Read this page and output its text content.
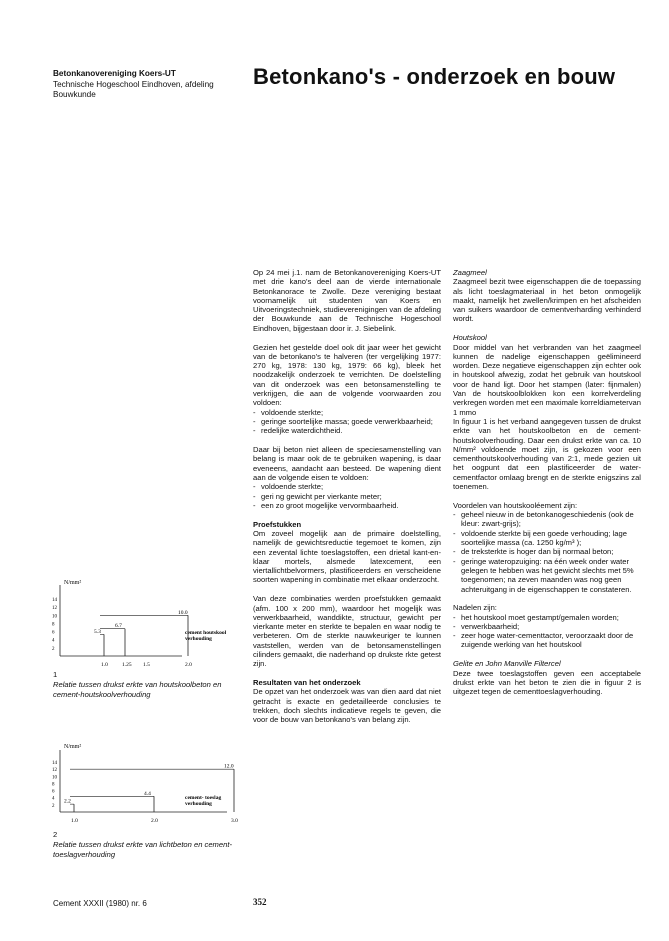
Betonkanovereniging Koers-UT
Technische Hogeschool Eindhoven, afdeling Bouwkunde
Betonkano's - onderzoek en bouw

Op 24 mei j.1. nam de Betonkanovereniging Koers-UT met drie kano's deel aan de vierde internationale Betonkanorace te Zwolle. Deze vereniging bestaat voornamelijk uit studenten van Koers en Uitvoeringstechniek, studieverenigingen van de afdeling der Bouwkunde aan de Technische Hogeschool Eindhoven, bijgestaan door ir. J. Siebelink.

Gezien het gestelde doel ook dit jaar weer het gewicht van de betonkano's te halveren (ter vergelijking 1977: 270 kg, 1978: 130 kg, 1979: 66 kg), bleek het noodzakelijk onderzoek te verrichten. De doelstelling van dit onderzoek was een betonsamenstelling te verkrijgen, die aan de volgende voorwaarden zou voldoen:

- voldoende sterkte;
- geringe soortelijke massa; goede verwerkbaarheid;
- redelijke waterdichtheid.

Daar bij beton niet alleen de speciesamenstelling van belang is maar ook de te gebruiken wapening, is daar eveneens, aandacht aan besteed. De wapening dient aan de volgende eisen te voldoen:

- voldoende sterkte;
- geri ng gewicht per vierkante meter;
- een zo groot mogelijke vervormbaarheid.
Proefstukken

Om zoveel mogelijk aan de primaire doelstelling, namelijk de gewichtsreductie tegemoet te komen, zijn een zevental lichte toeslagstoffen, een drietal kant-en-klaar mortels, alsmede latexcement, een viertallichtbelvormers, plastificeerders en verscheidene soorten wapening in combinatie met elkaar onderzocht.

Van deze combinaties werden proefstukken gemaakt (afm. 100 x 200 mm), waardoor het mogelijk was verwerkbaarheid, wanddikte, structuur, gewicht per vierkante meter en sterkte te bepalen en waar nodig te verbeteren. Om de sterkte nauwkeuriger te kunnen vaststellen, werden van de betonsamenstellingen cilinders gemaakt, die naderhand op drukste rkte getest zijn.

Resultaten van het onderzoek

De opzet van het onderzoek was van dien aard dat niet getracht is exacte en gedetailleerde conclusies te trekken, doch slechts indicatieve regels te geven, die voor de bouw van betonkano's van belang zijn.

Zaagmeel

Zaagmeel bezit twee eigenschappen die de toepassing als licht toeslagmateriaal in het beton onmogelijk maakt, namelijk het zwellen/krimpen en het afscheiden van suikers waardoor de cementverharding verhinderd wordt.

Houtskool

Door middel van het verbranden van het zaagmeel kunnen de nadelige eigenschappen geëlimineerd worden. Deze negatieve eigenschappen zijn echter ook in houtskool afwezig, zodat het gebruik van houtskool voor de hand ligt. Door het stampen (later: fijnmalen) Van de houtskoolblokken kon een korrelverdeling verkregen worden met een maximale korreldiametervan 1 mmo

In figuur 1 is het verband aangegeven tussen de drukst erkte van het houtskoolbeton en de cement-houtskoolverhouding. Daar een drukst erkte van ca. 10 N/mm² voldoende moet zijn, is gekozen voor een cementhoutskoolverhouding van 2:1, mede gezien uit het oogpunt dat een plastificeerder de water-cementfactor omlaag brengt en de sterkte enigszins zal toenemen.

Voordelen van houtskooléement zijn:

- geheel nieuw in de betonkanogeschiedenis (ook de kleur: zwart-grijs);
- voldoende sterkte bij een goede verhouding; lage soortelijke massa (ca. 1250 kg/m³ );
- de treksterkte is hoger dan bij normaal beton;
- geringe wateropzuiging: na één week onder water gelegen te hebben was het gewicht slechts met 5% toegenomen; na zeven maanden was nog geen achteruitgang in de eigenschappen te constateren.

Nadelen zijn:

- het houtskool moet gestampt/gemalen worden;
- verwerkbaarheid;
- zeer hoge water-cementtactor, veroorzaakt door de zuigende werking van het houtskool
Gelite en John Manville Filtercel

Deze twee toeslagstoffen geven een acceptabele drukst erkte van het beton te zien die in figuur 2 is uitgezet tegen de cementtoeslagverhouding.

N/mm²
14
12
10
8
6
4
2
1.0	1.25 1.5	2.0
5.3
6.7
10.0
cement houtskool verhouding
1
Relatie tussen drukst erkte van houtskoolbeton en cement-houtskoolverhouding
N/mm²
14
12
10
8
6
4
2
1.0	2.0	3.0
2.2
4.4
12.0
cement- toeslag verhouding
2
Relatie tussen drukst erkte van lichtbeton en cement-toeslagverhouding
Cement XXXII (1980) nr. 6	352
